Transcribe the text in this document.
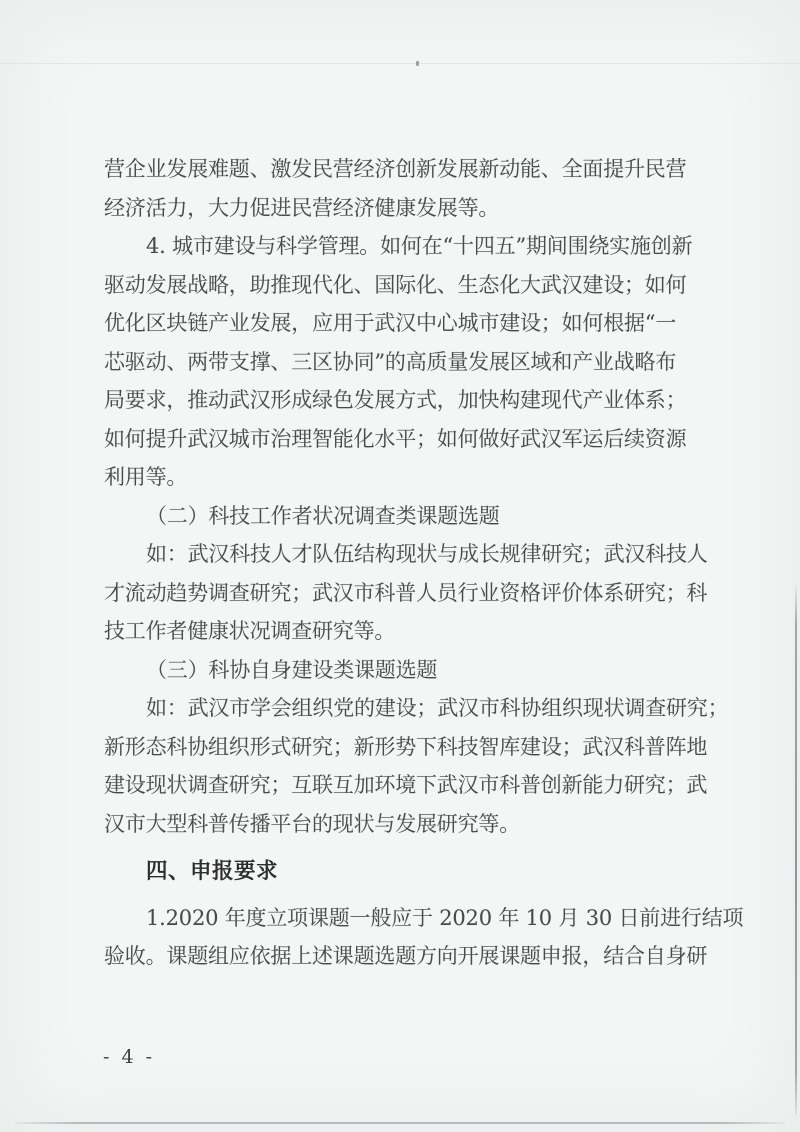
营企业发展难题、激发民营经济创新发展新动能、全面提升民营
经济活力，大力促进民营经济健康发展等。
4. 城市建设与科学管理。如何在“十四五”期间围绕实施创新
驱动发展战略，助推现代化、国际化、生态化大武汉建设；如何
优化区块链产业发展，应用于武汉中心城市建设；如何根据“一
芯驱动、两带支撑、三区协同”的高质量发展区域和产业战略布
局要求，推动武汉形成绿色发展方式，加快构建现代产业体系；
如何提升武汉城市治理智能化水平；如何做好武汉军运后续资源
利用等。
（二）科技工作者状况调查类课题选题
如：武汉科技人才队伍结构现状与成长规律研究；武汉科技人
才流动趋势调查研究；武汉市科普人员行业资格评价体系研究；科
技工作者健康状况调查研究等。
（三）科协自身建设类课题选题
如：武汉市学会组织党的建设；武汉市科协组织现状调查研究；
新形态科协组织形式研究；新形势下科技智库建设；武汉科普阵地
建设现状调查研究；互联互加环境下武汉市科普创新能力研究；武
汉市大型科普传播平台的现状与发展研究等。
四、申报要求
1.2020 年度立项课题一般应于 2020 年 10 月 30 日前进行结项
验收。课题组应依据上述课题选题方向开展课题申报，结合自身研
- 4 -
